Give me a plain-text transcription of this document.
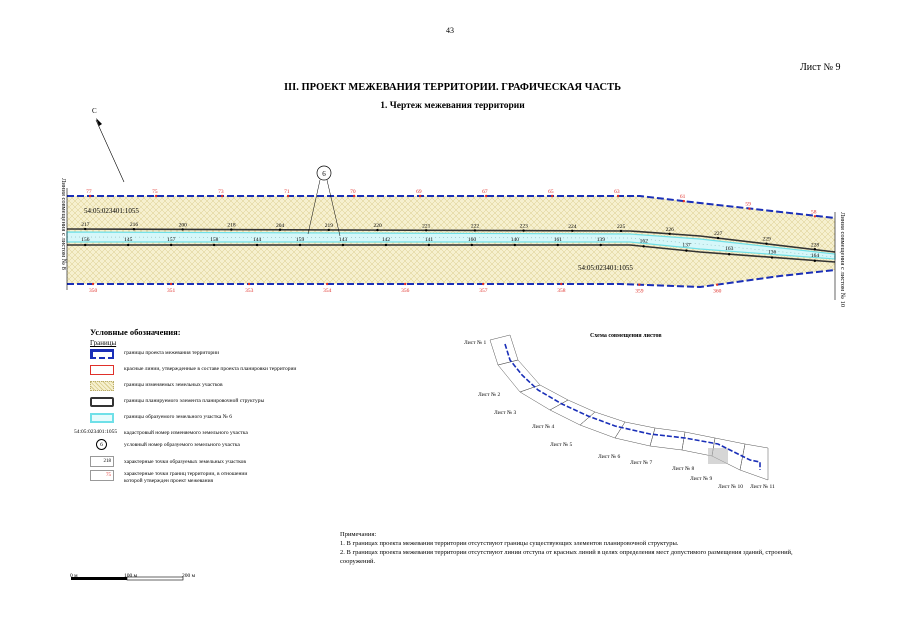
43
Лист № 9
III. ПРОЕКТ МЕЖЕВАНИЯ ТЕРРИТОРИИ. ГРАФИЧЕСКАЯ ЧАСТЬ
1. Чертеж межевания территории
С
Линия совмещения с листом № 8	Линия совмещения с листом № 10
54:05:023401:1055
54:05:023401:1055
6
77	75	73	71	70	69	67	65	63
61
59
58
350	351	353	354	356	357	358	359	360
217	216	200	218	204	219	220	221	222	223	224	225	226
227
229
228
156	145	157	158	144	159	143	142	141	160	140	161	139	162
137
163
136
164
Условные обозначения:
Границы
границы проекта межевания территории
красные линии, утвержденные в составе проекта планировки территории
границы изменяемых земельных участков
границы планируемого элемента планировочной структуры
границы образуемого земельного участка № 6
54:05:023401:1055 кадастровый номер изменяемого земельного участка
6	условный номер образуемого земельного участка
218	характерные точки образуемых земельных участков
75	характерные точки границ территории, в отношении которой утвержден проект межевания
Схема совмещения листов
Лист № 1
Лист № 2
Лист № 3
Лист № 4
Лист № 5
Лист № 6
Лист № 7
Лист № 8
Лист № 9
Лист № 10 Лист № 11
Примечания:
1. В границах проекта межевания территории отсутствуют границы существующих элементов планировочной структуры.
2. В границах проекта межевания территории отсутствуют линии отступа от красных линий в целях определения мест допустимого размещения зданий, строений, сооружений.
0 м	100 м	200 м
